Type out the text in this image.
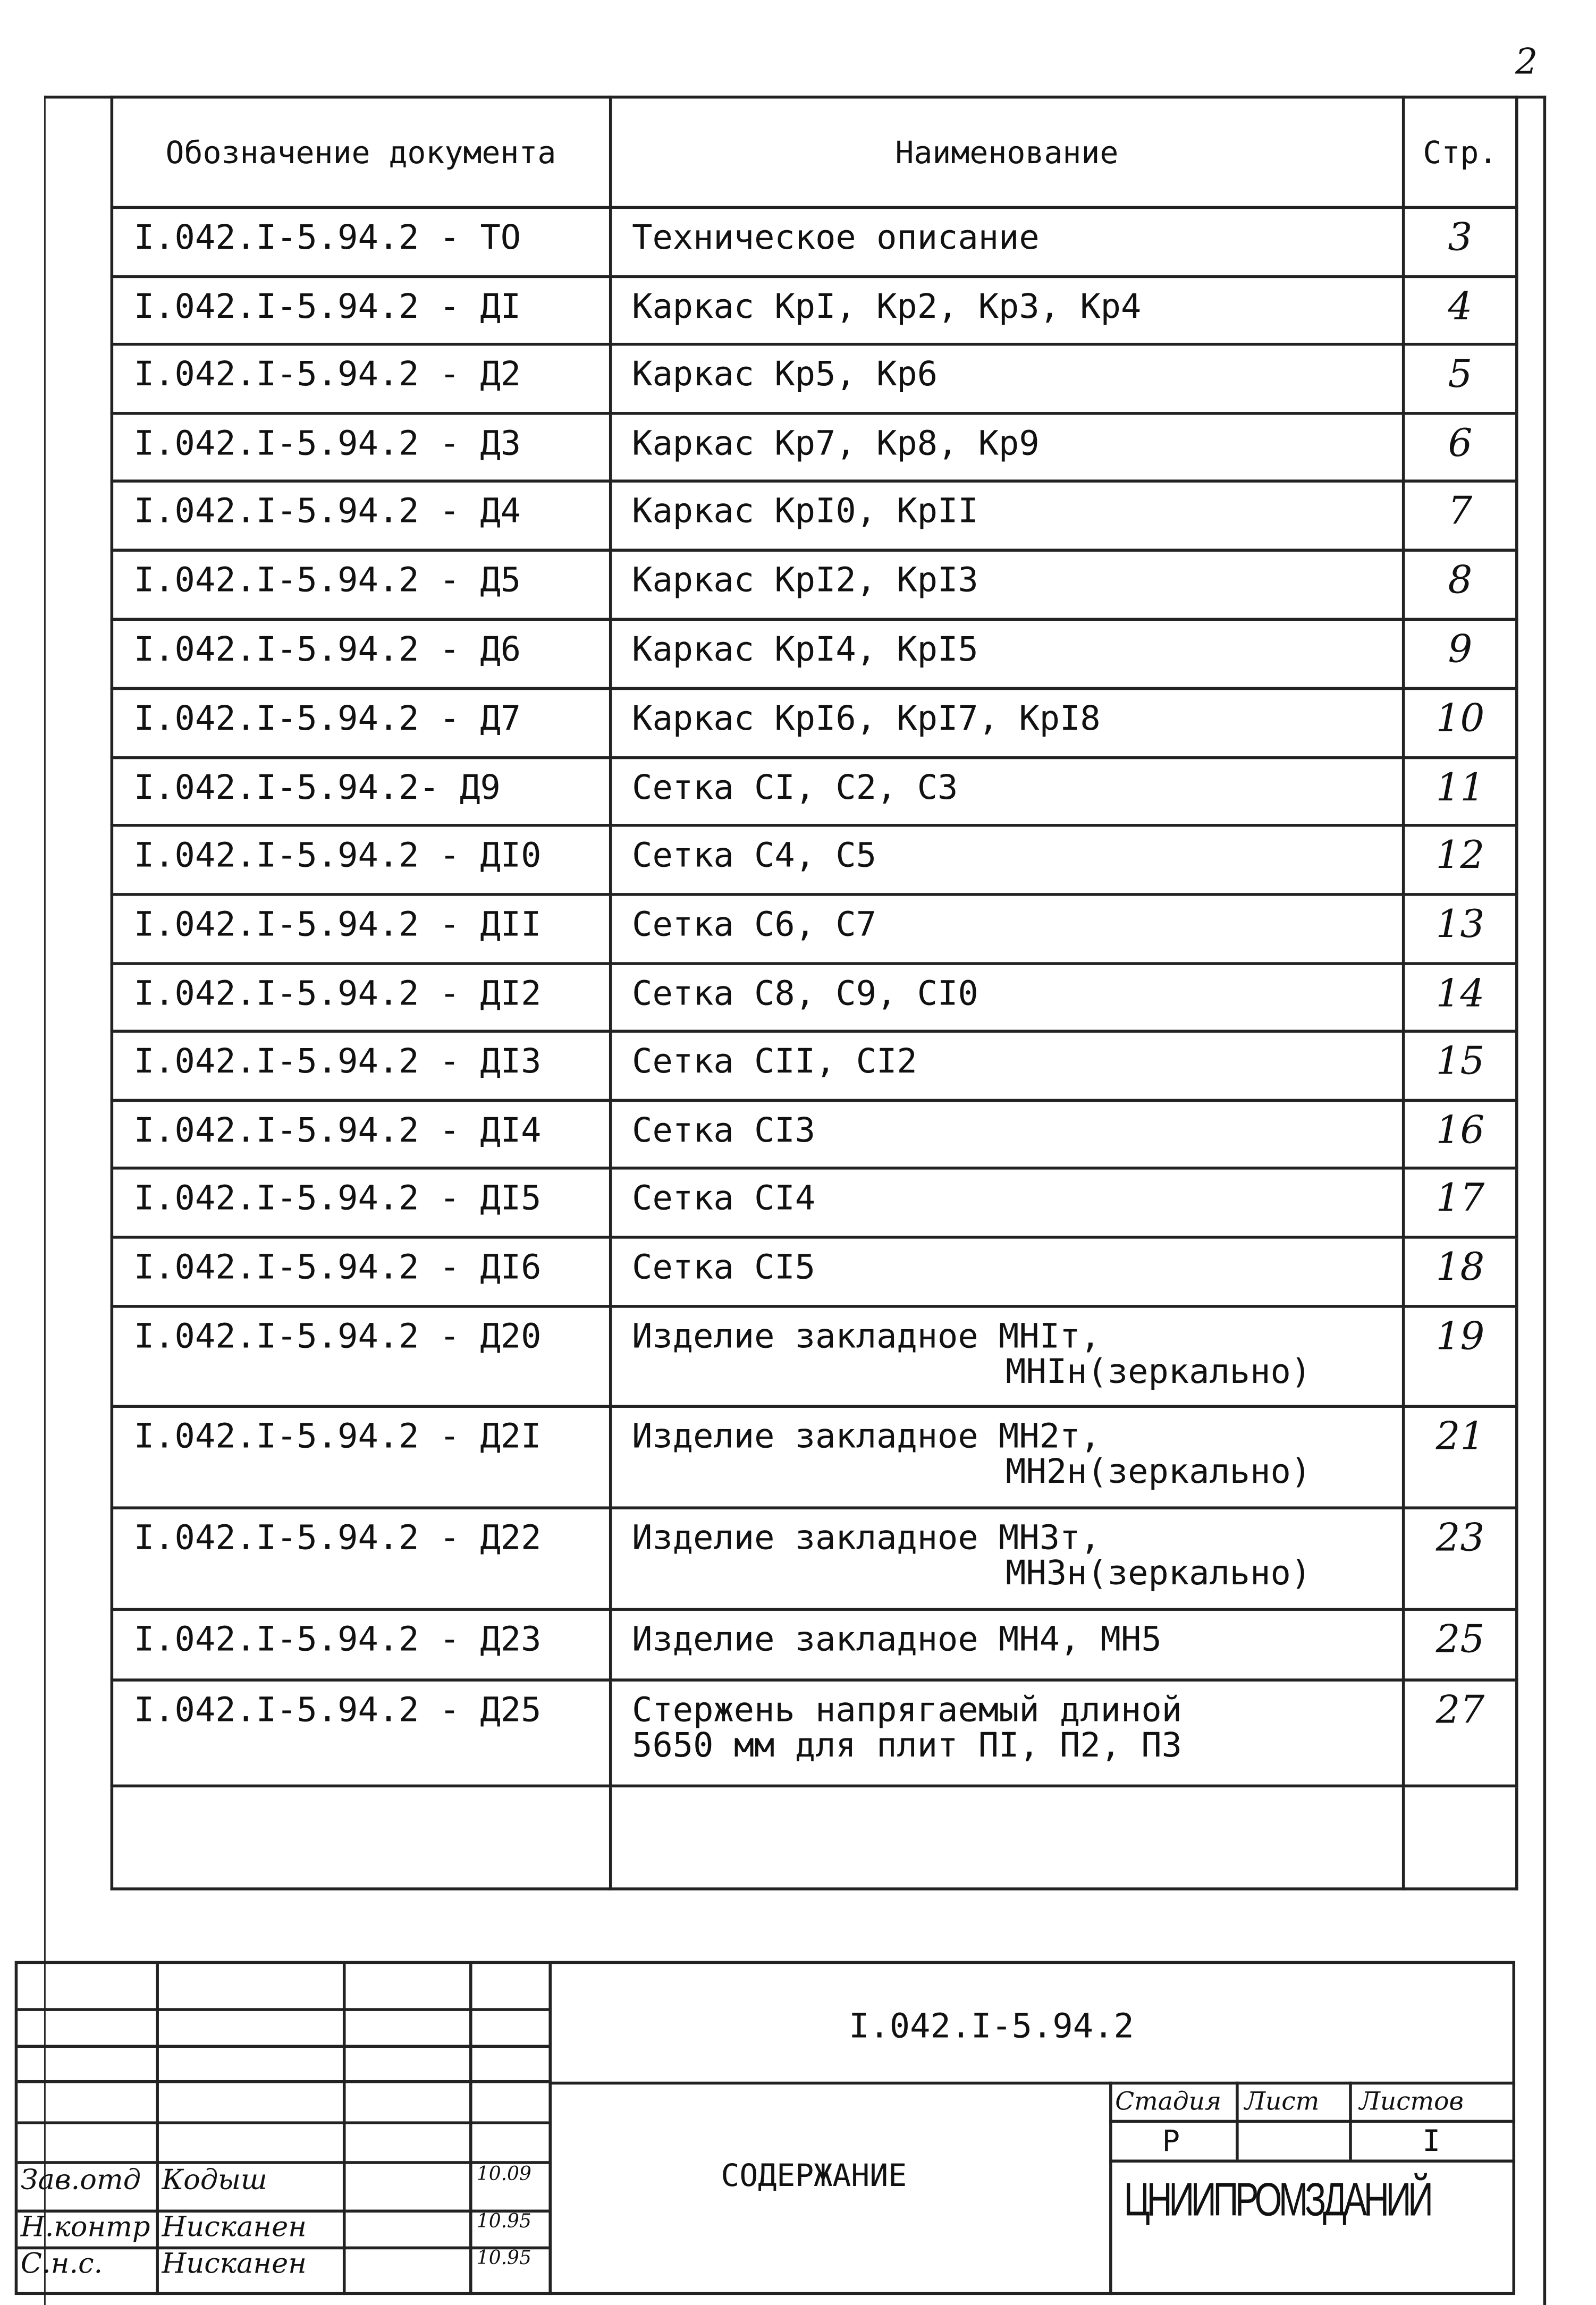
2
Обозначение документа	Наименование	Стр.
I.042.I-5.94.2 - ТО	Техническое описание	3
I.042.I-5.94.2 - ДI	Каркас КрI, Кр2, Кр3, Кр4	4
I.042.I-5.94.2 - Д2	Каркас Кр5, Кр6	5
I.042.I-5.94.2 - Д3	Каркас Кр7, Кр8, Кр9	6
I.042.I-5.94.2 - Д4	Каркас КрI0, КрII	7
I.042.I-5.94.2 - Д5	Каркас КрI2, КрI3	8
I.042.I-5.94.2 - Д6	Каркас КрI4, КрI5	9
I.042.I-5.94.2 - Д7	Каркас КрI6, КрI7, КрI8	10
I.042.I-5.94.2- Д9	Сетка СI, С2, С3	11
I.042.I-5.94.2 - ДI0	Сетка С4, С5	12
I.042.I-5.94.2 - ДII	Сетка С6, С7	13
I.042.I-5.94.2 - ДI2	Сетка С8, С9, СI0	14
I.042.I-5.94.2 - ДI3	Сетка СII, СI2	15
I.042.I-5.94.2 - ДI4	Сетка СI3	16
I.042.I-5.94.2 - ДI5	Сетка СI4	17
I.042.I-5.94.2 - ДI6	Сетка СI5	18
I.042.I-5.94.2 - Д20	Изделие закладное МНIт,
МНIн(зеркально)	19
I.042.I-5.94.2 - Д2I	Изделие закладное МН2т,
МН2н(зеркально)	21
I.042.I-5.94.2 - Д22	Изделие закладное МН3т,
МН3н(зеркально)	23
I.042.I-5.94.2 - Д23	Изделие закладное МН4, МН5	25
I.042.I-5.94.2 - Д25	Стержень напрягаемый длиной
5650 мм для плит ПI, П2, П3	27

I.042.I-5.94.2
СОДЕРЖАНИЕ
Стадия	Лист	Листов
Р	I
ЦНИИПРОМЗДАНИЙ
Зав.отд Кодыш	10.09
Н.контр Нисканен	10.95
С.н.с.	Нисканен	10.95
